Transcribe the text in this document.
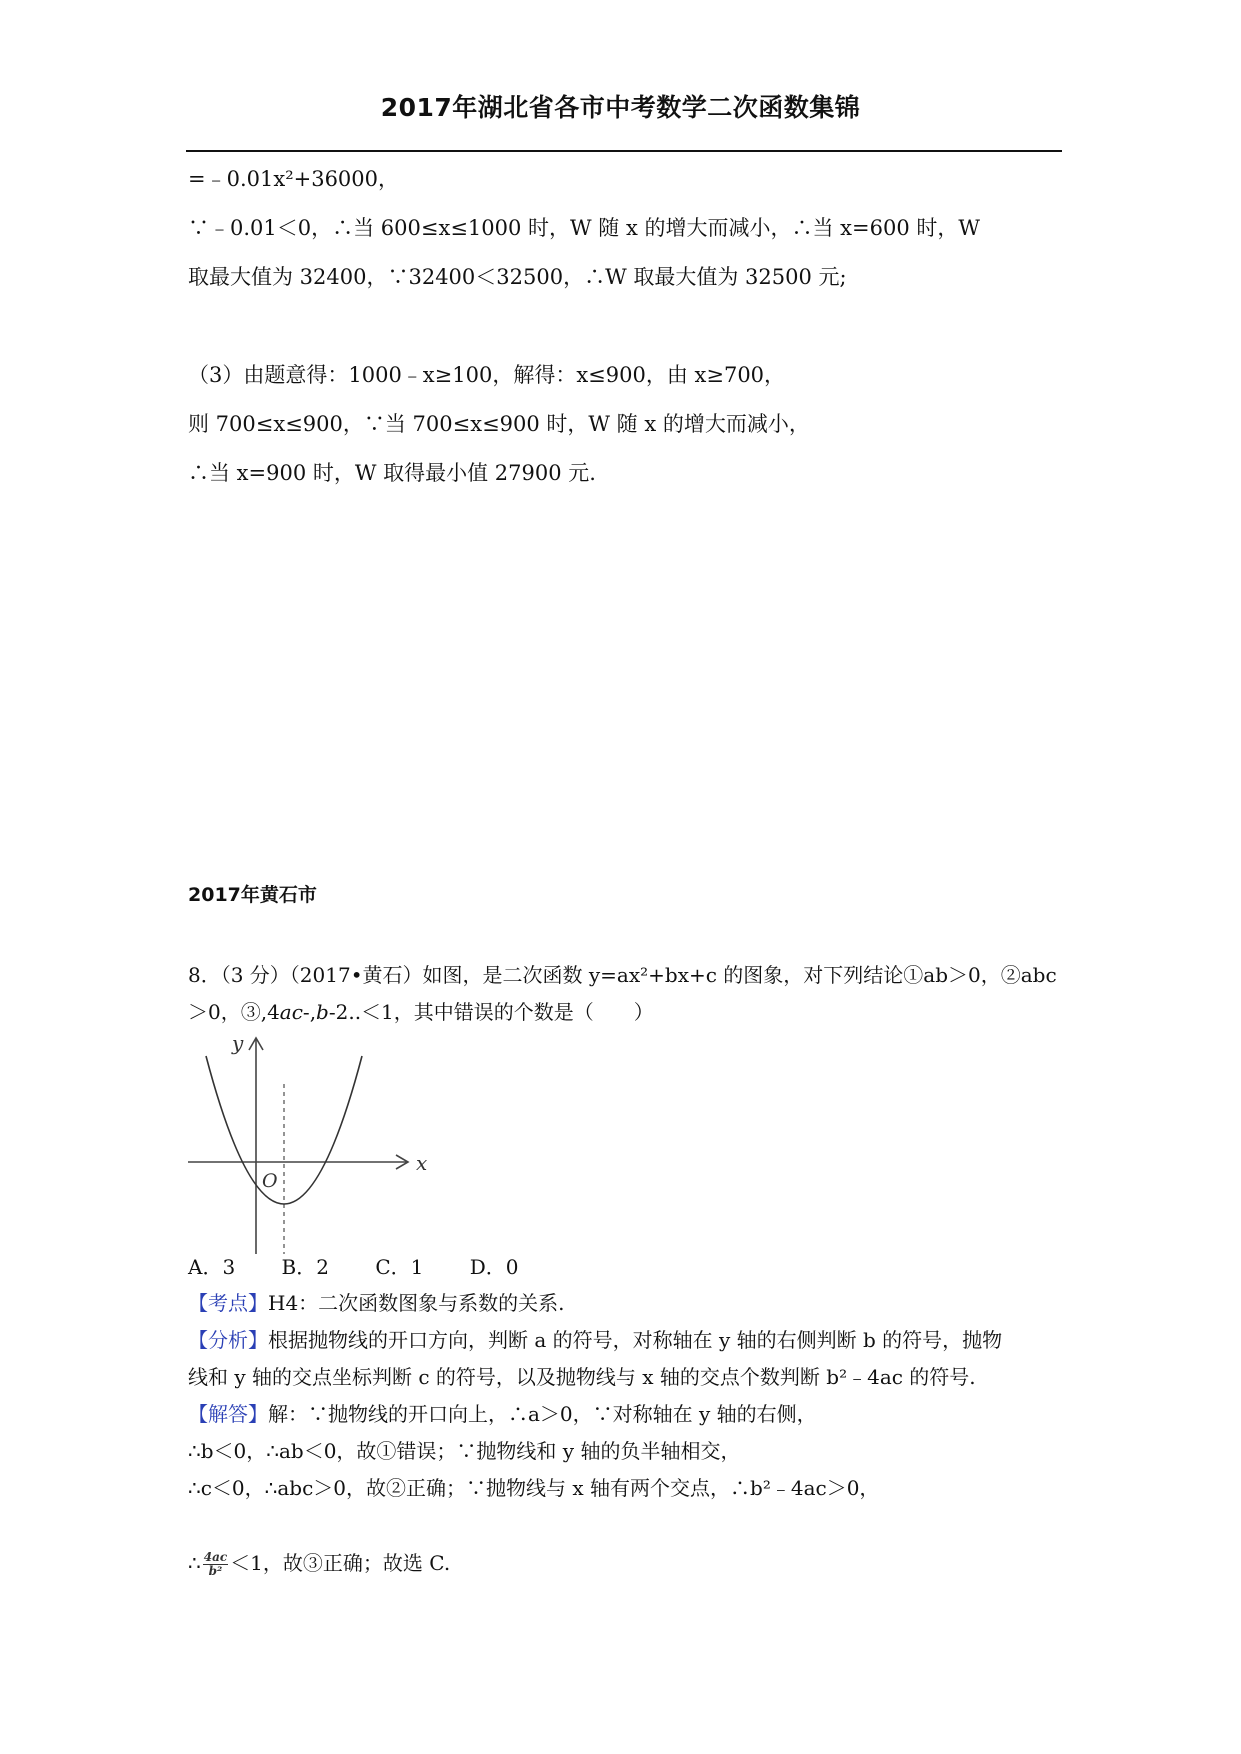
2017年湖北省各市中考数学二次函数集锦
=﹣0.01x²+36000，
∵﹣0.01＜0，∴当 600≤x≤1000 时，W 随 x 的增大而减小，∴当 x=600 时，W
取最大值为 32400，∵32400＜32500，∴W 取最大值为 32500 元;
（3）由题意得：1000﹣x≥100，解得：x≤900，由 x≥700，
则 700≤x≤900，∵当 700≤x≤900 时，W 随 x 的增大而减小，
∴当 x=900 时，W 取得最小值 27900 元.
2017年黄石市
8．（3 分）（2017•黄石）如图，是二次函数 y=ax²+bx+c 的图象，对下列结论①ab＞0，②abc
＞0，③,4𝑎𝑐-,𝑏-2..＜1，其中错误的个数是（　　）
y
x
O
A．3 B．2 C．1 D．0
【考点】H4：二次函数图象与系数的关系.
【分析】根据抛物线的开口方向，判断 a 的符号，对称轴在 y 轴的右侧判断 b 的符号，抛物
线和 y 轴的交点坐标判断 c 的符号，以及抛物线与 x 轴的交点个数判断 b²﹣4ac 的符号.
【解答】解：∵抛物线的开口向上，∴a＞0，∵对称轴在 y 轴的右侧，
∴b＜0，∴ab＜0，故①错误；∵抛物线和 y 轴的负半轴相交，
∴c＜0，∴abc＞0，故②正确；∵抛物线与 x 轴有两个交点，∴b²﹣4ac＞0，
∴ $\frac{4ac}{\text{b²}} <1$，故③正确；故选 C.
